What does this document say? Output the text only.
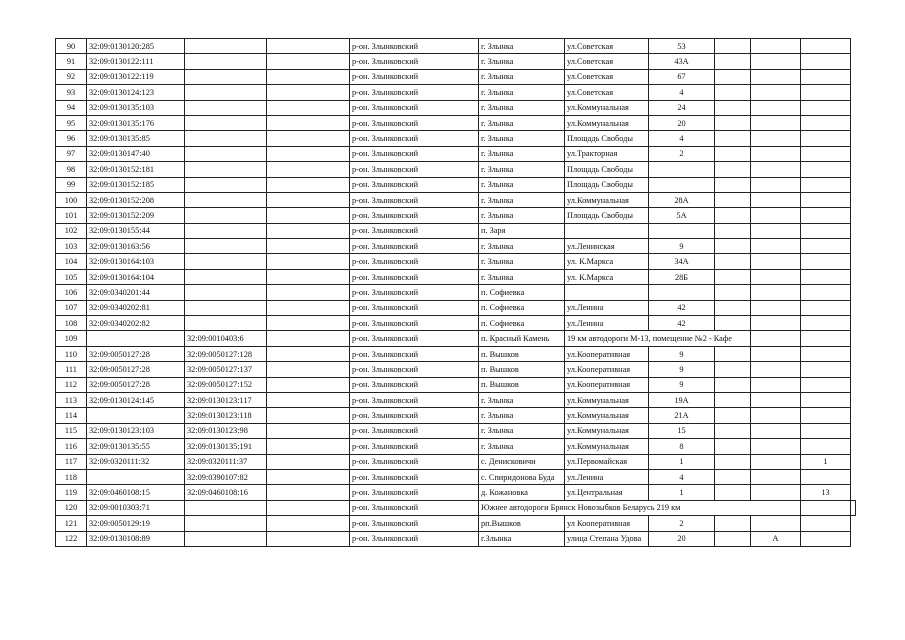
90	32:09:0130120:285			р-он. Злынковский	г. Злынка	ул.Советская	53				
91	32:09:0130122:111			р-он. Злынковский	г. Злынка	ул.Советская	43А				
92	32:09:0130122:119			р-он. Злынковский	г. Злынка	ул.Советская	67				
93	32:09:0130124:123			р-он. Злынковский	г. Злынка	ул.Советская	4				
94	32:09:0130135:103			р-он. Злынковский	г. Злынка	ул.Коммунальная	24				
95	32:09:0130135:176			р-он. Злынковский	г. Злынка	ул.Коммунальная	20				
96	32:09:0130135:85			р-он. Злынковский	г. Злынка	Площадь Свободы	4				
97	32:09:0130147:40			р-он. Злынковский	г. Злынка	ул.Тракторная	2				
98	32:09:0130152:181			р-он. Злынковский	г. Злынка	Площадь Свободы					
99	32:09:0130152:185			р-он. Злынковский	г. Злынка	Площадь Свободы					
100	32:09:0130152:208			р-он. Злынковский	г. Злынка	ул.Коммунальная	28А				
101	32:09:0130152:209			р-он. Злынковский	г. Злынка	Площадь Свободы	5А				
102	32:09:0130155:44			р-он. Злынковский	п. Заря						
103	32:09:0130163:56			р-он. Злынковский	г. Злынка	ул.Ленинская	9				
104	32:09:0130164:103			р-он. Злынковский	г. Злынка	ул. К.Маркса	34А				
105	32:09:0130164:104			р-он. Злынковский	г. Злынка	ул. К.Маркса	28Б				
106	32:09:0340201:44			р-он. Злынковский	п. Софиевка						
107	32:09:0340202:81			р-он. Злынковский	п. Софиевка	ул.Ленина	42				
108	32:09:0340202:82			р-он. Злынковский	п. Софиевка	ул.Ленина	42				
109		32:09:0010403:6		р-он. Злынковский	п. Красный Камень	19 км автодороги М-13, помещение №2 - Кафе					
110	32:09:0050127:28	32:09:0050127:128		р-он. Злынковский	п. Вышков	ул.Кооперативная	9				
111	32:09:0050127:28	32:09:0050127:137		р-он. Злынковский	п. Вышков	ул.Кооперативная	9				
112	32:09:0050127:28	32:09:0050127:152		р-он. Злынковский	п. Вышков	ул.Кооперативная	9				
113	32:09:0130124:145	32:09:0130123:117		р-он. Злынковский	г. Злынка	ул.Коммунальная	19А				
114		32:09:0130123:118		р-он. Злынковский	г. Злынка	ул.Коммунальная	21А				
115	32:09:0130123:103	32:09:0130123:98		р-он. Злынковский	г. Злынка	ул.Коммунальная	15				
116	32:09:0130135:55	32:09:0130135:191		р-он. Злынковский	г. Злынка	ул.Коммунальная	8				
117	32:09:0320111:32	32:09:0320111:37		р-он. Злынковский	с. Денисковичи	ул.Первомайская	1			1	
118		32:09:0390107:82		р-он. Злынковский	с. Спиридонова Буда	ул.Ленина	4				
119	32:09:0460108:15	32:09:0460108:16		р-он. Злынковский	д. Кожановка	ул.Центральная	1			13	
120	32:09:0010303:71			р-он. Злынковский	Южнее автодороги Брянск Новозыбков Беларусь 219 км						
121	32:09:0050129:19			р-он. Злынковский	рп.Вышков	ул Кооперативная	2				
122	32:09:0130108:89			р-он. Злынковский	г.Злынка	улица Степана Удова	20		А		
